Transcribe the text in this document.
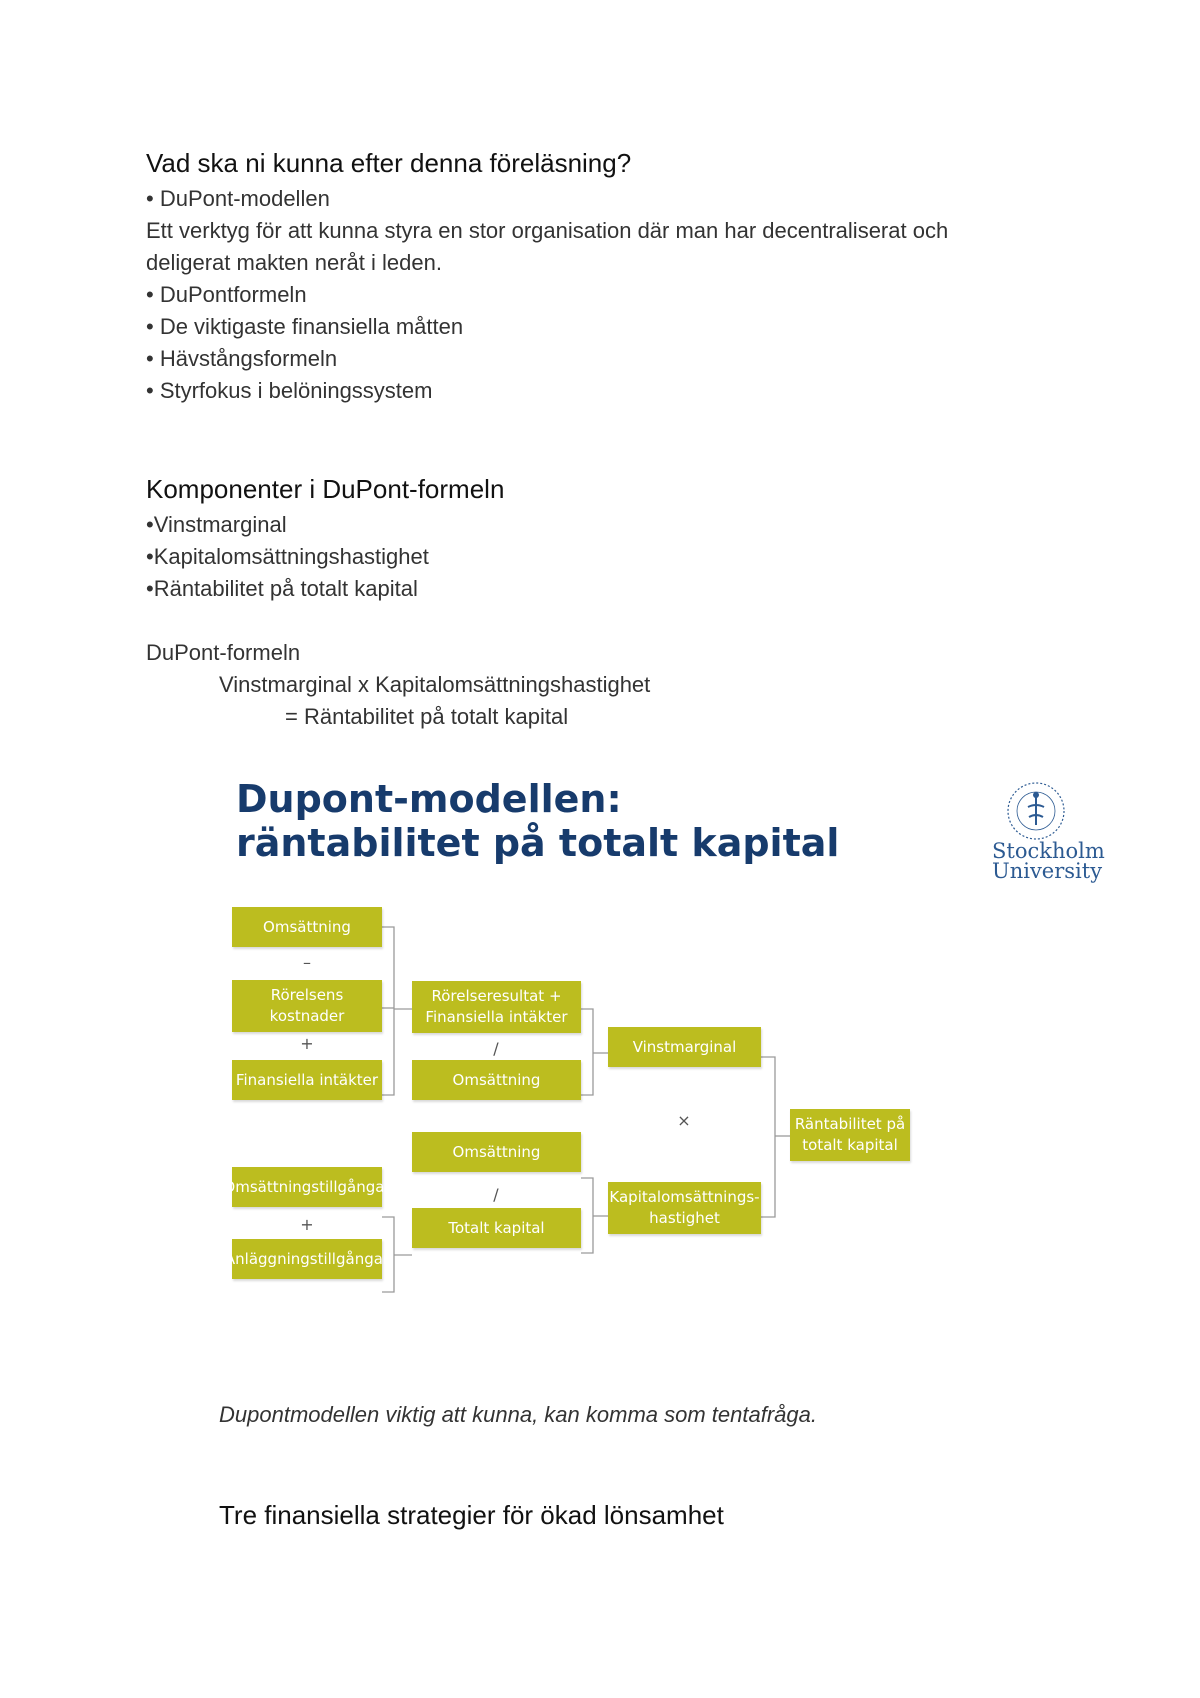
Vad ska ni kunna efter denna föreläsning?
• DuPont-modellen
Ett verktyg för att kunna styra en stor organisation där man har decentraliserat och
deligerat makten neråt i leden.
• DuPontformeln
• De viktigaste finansiella måtten
• Hävstångsformeln
• Styrfokus i belöningssystem
Komponenter i DuPont-formeln
•Vinstmarginal
•Kapitalomsättningshastighet
•Räntabilitet på totalt kapital
DuPont-formeln
Vinstmarginal x Kapitalomsättningshastighet
= Räntabilitet på totalt kapital
Dupont-modellen:
räntabilitet på totalt kapital	Stockholm
University
Omsättning
–
Rörelsens kostnader
+
Finansiella intäkter
Omsättningstillgångar
+
Anläggningstillgångar
Rörelseresultat +
Finansiella intäkter
/
Omsättning
Omsättning
/
Totalt kapital
Vinstmarginal
×
Kapitalomsättnings-
hastighet
Räntabilitet på
totalt kapital
Dupontmodellen viktig att kunna, kan komma som tentafråga.
Tre finansiella strategier för ökad lönsamhet
